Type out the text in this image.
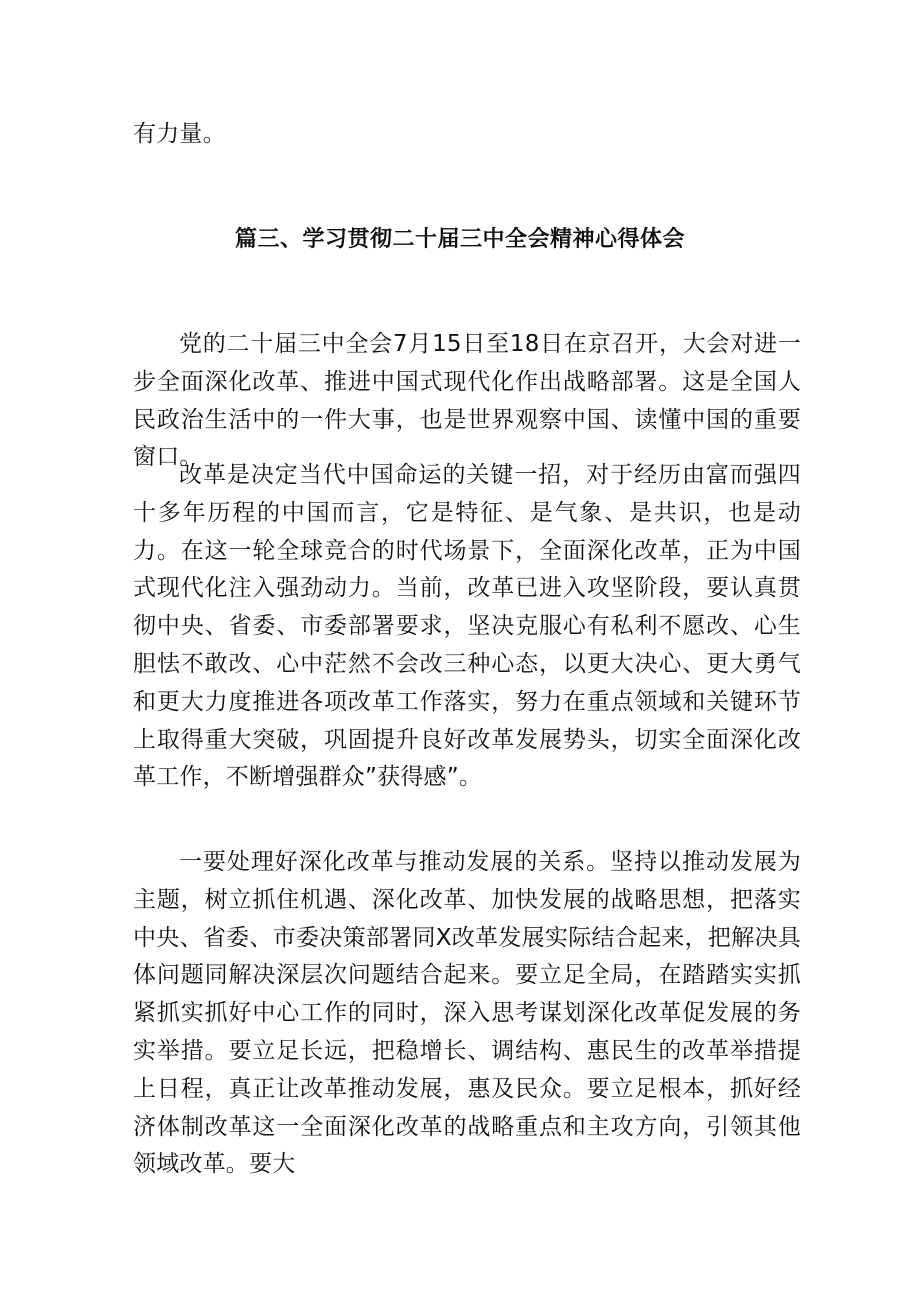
有力量。
篇三、学习贯彻二十届三中全会精神心得体会
党的二十届三中全会7月15日至18日在京召开，大会对进一步全面深化改革、推进中国式现代化作出战略部署。这是全国人民政治生活中的一件大事，也是世界观察中国、读懂中国的重要窗口。
改革是决定当代中国命运的关键一招，对于经历由富而强四十多年历程的中国而言，它是特征、是气象、是共识，也是动力。在这一轮全球竞合的时代场景下，全面深化改革，正为中国式现代化注入强劲动力。当前，改革已进入攻坚阶段，要认真贯彻中央、省委、市委部署要求，坚决克服心有私利不愿改、心生胆怯不敢改、心中茫然不会改三种心态，以更大决心、更大勇气和更大力度推进各项改革工作落实，努力在重点领域和关键环节上取得重大突破，巩固提升良好改革发展势头，切实全面深化改革工作，不断增强群众”获得感”。
一要处理好深化改革与推动发展的关系。坚持以推动发展为主题，树立抓住机遇、深化改革、加快发展的战略思想，把落实中央、省委、市委决策部署同X改革发展实际结合起来，把解决具体问题同解决深层次问题结合起来。要立足全局，在踏踏实实抓紧抓实抓好中心工作的同时，深入思考谋划深化改革促发展的务实举措。要立足长远，把稳增长、调结构、惠民生的改革举措提上日程，真正让改革推动发展，惠及民众。要立足根本，抓好经济体制改革这一全面深化改革的战略重点和主攻方向，引领其他领域改革。要大
